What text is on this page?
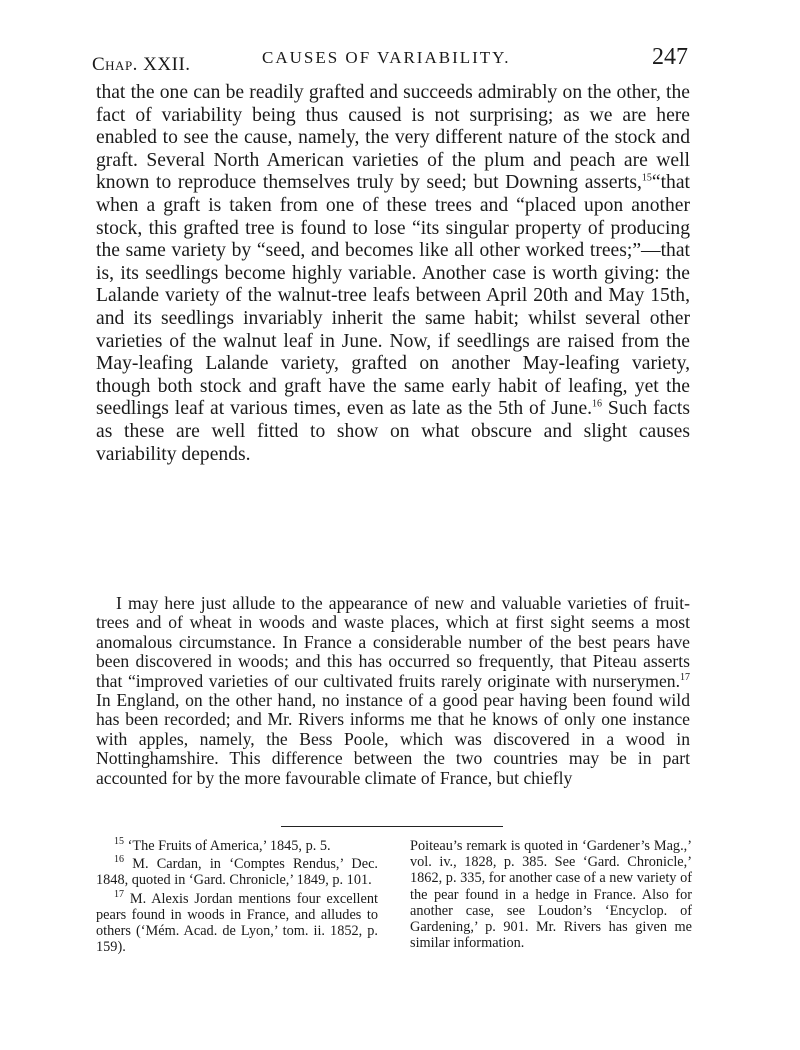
Chap. XXII.	CAUSES OF VARIABILITY.	247

that the one can be readily grafted and succeeds admirably on the other, the fact of variability being thus caused is not surprising; as we are here enabled to see the cause, namely, the very different nature of the stock and graft. Several North American varieties of the plum and peach are well known to reproduce themselves truly by seed; but Downing asserts,$^{15}$“that when a graft is taken from one of these trees and “placed upon another stock, this grafted tree is found to lose “its singular property of producing the same variety by “seed, and becomes like all other worked trees;”—that is, its seedlings become highly variable. Another case is worth giving: the Lalande variety of the walnut-tree leafs between April 20th and May 15th, and its seedlings invariably inherit the same habit; whilst several other varieties of the walnut leaf in June. Now, if seedlings are raised from the May-leafing Lalande variety, grafted on another May-leafing variety, though both stock and graft have the same early habit of leafing, yet the seedlings leaf at various times, even as late as the 5th of June.$^{16}$ Such facts as these are well fitted to show on what obscure and slight causes variability depends.

I may here just allude to the appearance of new and valuable varieties of fruit-trees and of wheat in woods and waste places, which at first sight seems a most anomalous circumstance. In France a considerable number of the best pears have been discovered in woods; and this has occurred so frequently, that Piteau asserts that “improved varieties of our cultivated fruits rarely originate with nurserymen.$^{17}$ In England, on the other hand, no instance of a good pear having been found wild has been recorded; and Mr. Rivers informs me that he knows of only one instance with apples, namely, the Bess Poole, which was discovered in a wood in Nottinghamshire. This difference between the two countries may be in part accounted for by the more favourable climate of France, but chiefly

$^{15}$ ‘The Fruits of America,’ 1845, p. 5.

$^{16}$ M. Cardan, in ‘Comptes Rendus,’ Dec. 1848, quoted in ‘Gard. Chronicle,’ 1849, p. 101.

$^{17}$ M. Alexis Jordan mentions four excellent pears found in woods in France, and alludes to others (‘Mém. Acad. de Lyon,’ tom. ii. 1852, p. 159).

Poiteau’s remark is quoted in ‘Gardener’s Mag.,’ vol. iv., 1828, p. 385. See ‘Gard. Chronicle,’ 1862, p. 335, for another case of a new variety of the pear found in a hedge in France. Also for another case, see Loudon’s ‘Encyclop. of Gardening,’ p. 901. Mr. Rivers has given me similar information.
